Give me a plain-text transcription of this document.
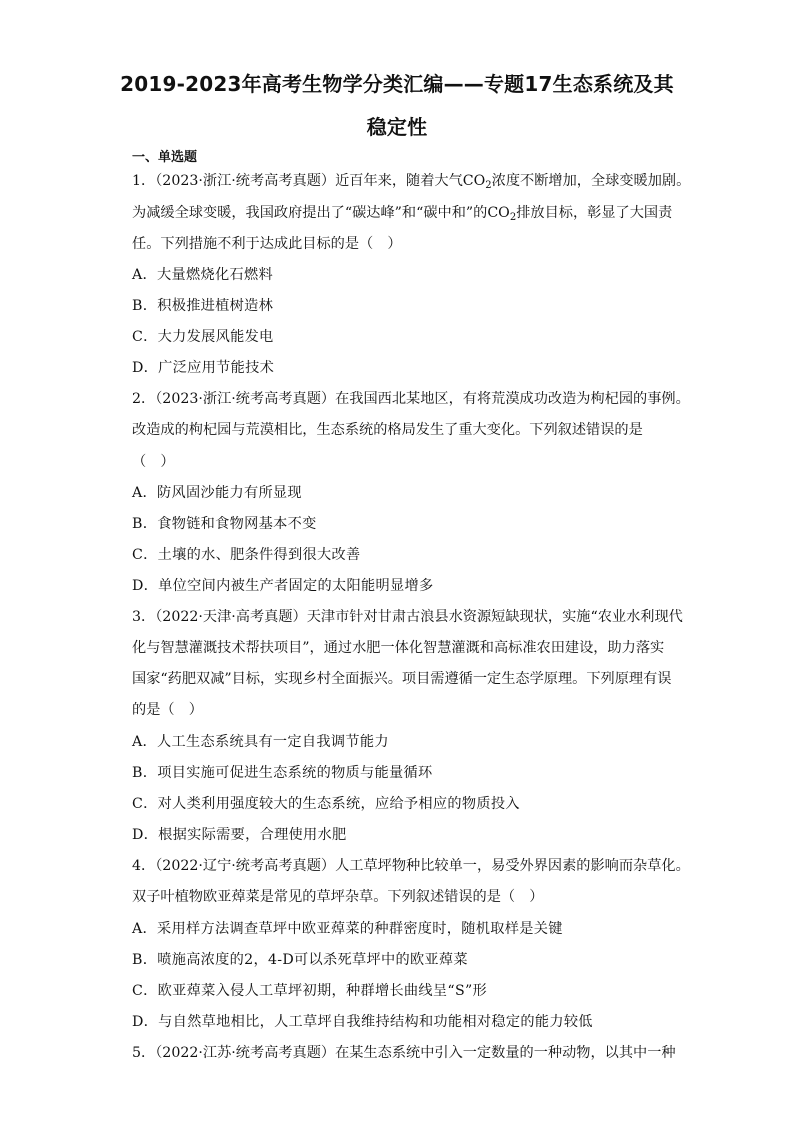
2019-2023年高考生物学分类汇编——专题17生态系统及其
稳定性
一、单选题
1．（2023·浙江·统考高考真题）近百年来，随着大气$CO_2$浓度不断增加，全球变暖加剧。
为减缓全球变暖，我国政府提出了“碳达峰”和“碳中和”的$CO_2$排放目标，彰显了大国责
任。下列措施不利于达成此目标的是（　）
A．大量燃烧化石燃料
B．积极推进植树造林
C．大力发展风能发电
D．广泛应用节能技术
2．（2023·浙江·统考高考真题）在我国西北某地区，有将荒漠成功改造为枸杞园的事例。
改造成的枸杞园与荒漠相比，生态系统的格局发生了重大变化。下列叙述错误的是
（　）
A．防风固沙能力有所显现
B．食物链和食物网基本不变
C．土壤的水、肥条件得到很大改善
D．单位空间内被生产者固定的太阳能明显增多
3．（2022·天津·高考真题）天津市针对甘肃古浪县水资源短缺现状，实施“农业水利现代
化与智慧灌溉技术帮扶项目”，通过水肥一体化智慧灌溉和高标准农田建设，助力落实
国家“药肥双减”目标，实现乡村全面振兴。项目需遵循一定生态学原理。下列原理有误
的是（　）
A．人工生态系统具有一定自我调节能力
B．项目实施可促进生态系统的物质与能量循环
C．对人类利用强度较大的生态系统，应给予相应的物质投入
D．根据实际需要，合理使用水肥
4．（2022·辽宁·统考高考真题）人工草坪物种比较单一，易受外界因素的影响而杂草化。
双子叶植物欧亚蔊菜是常见的草坪杂草。下列叙述错误的是（　）
A．采用样方法调查草坪中欧亚蔊菜的种群密度时，随机取样是关键
B．喷施高浓度的2，4-D可以杀死草坪中的欧亚蔊菜
C．欧亚蔊菜入侵人工草坪初期，种群增长曲线呈“S”形
D．与自然草地相比，人工草坪自我维持结构和功能相对稳定的能力较低
5．（2022·江苏·统考高考真题）在某生态系统中引入一定数量的一种动物，以其中一种
